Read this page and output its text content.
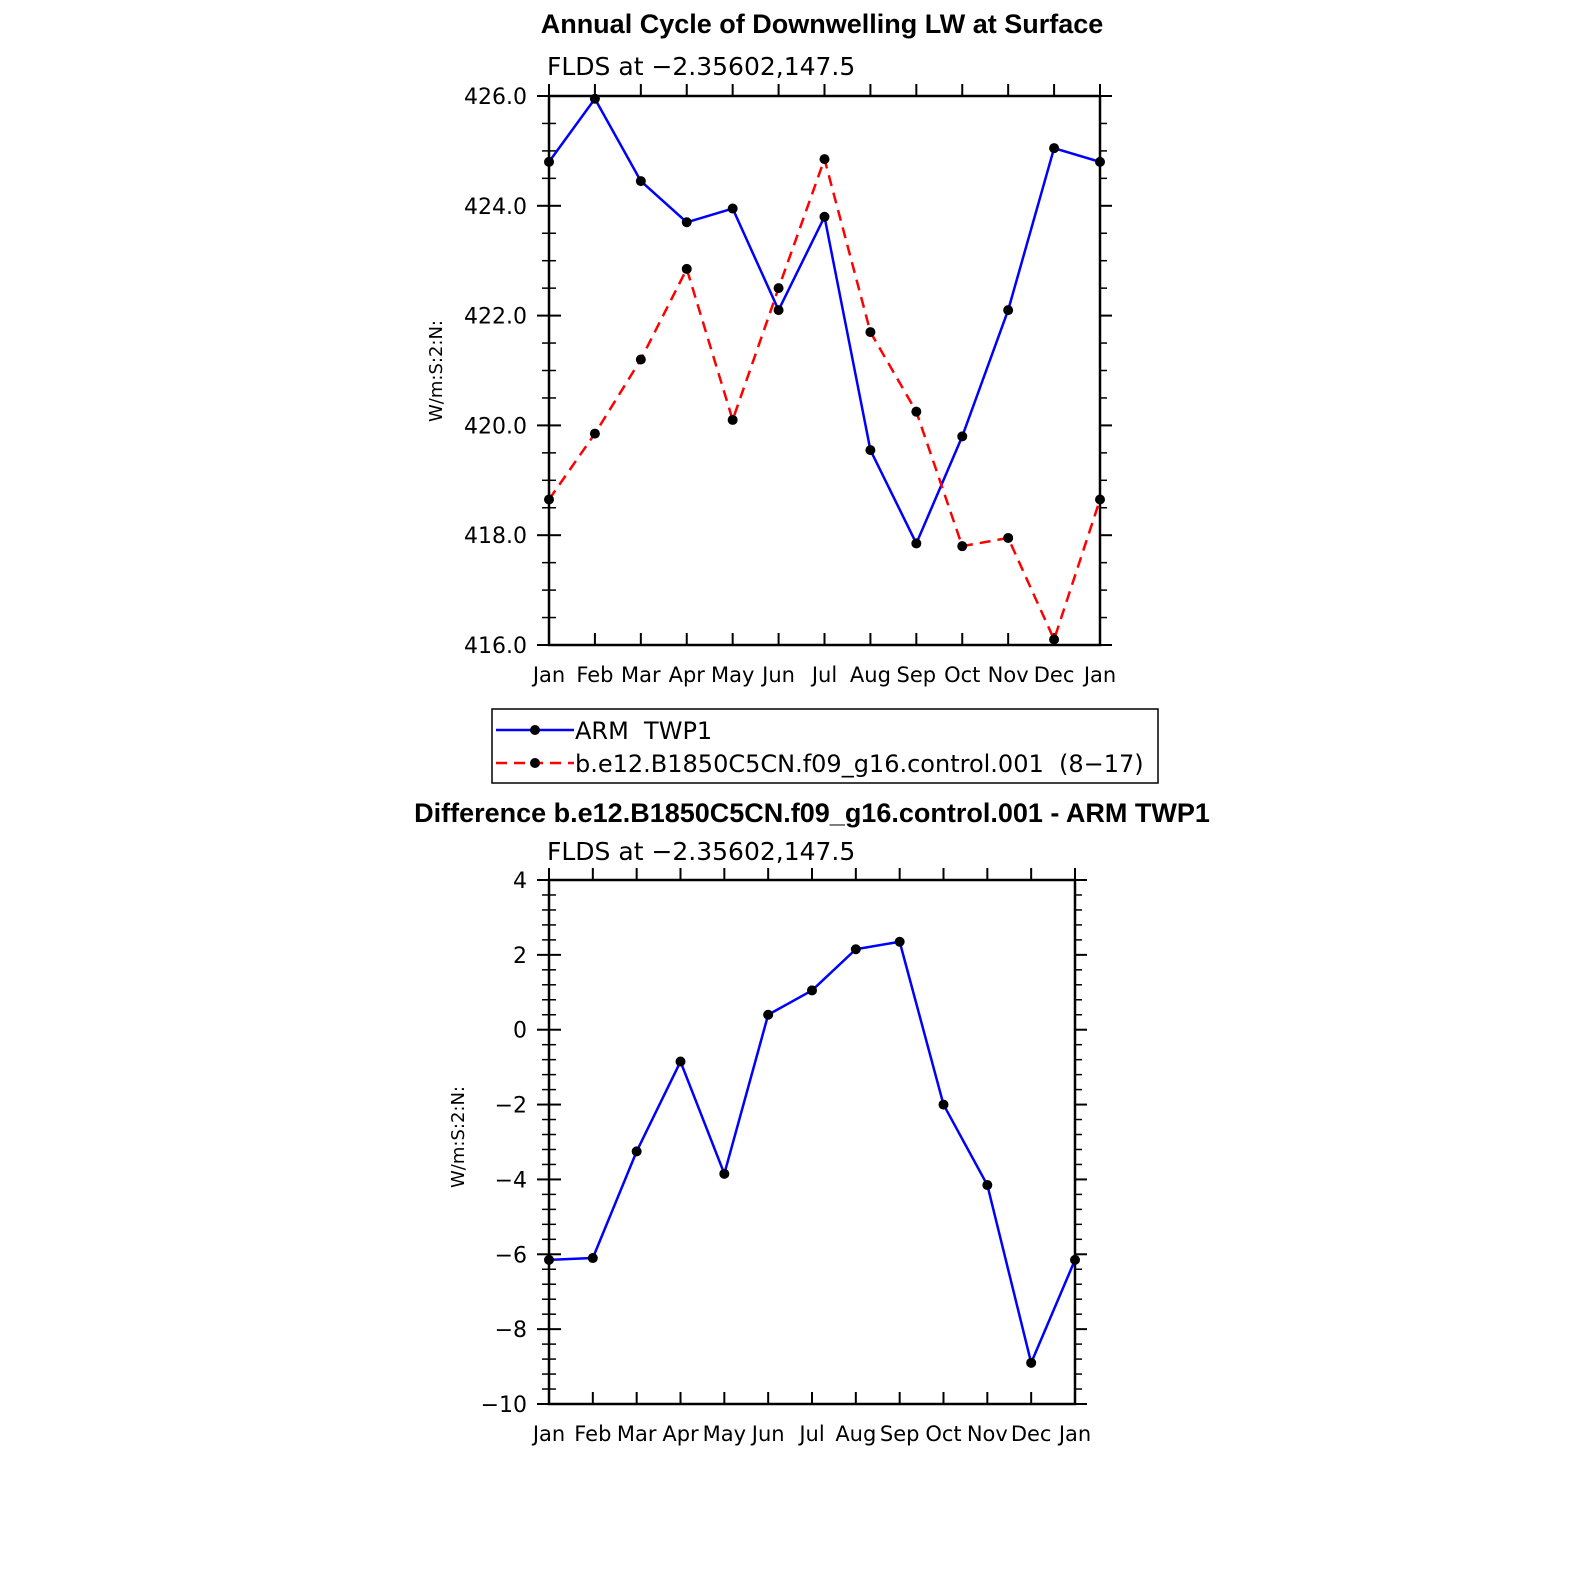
Annual Cycle of Downwelling LW at Surface
FLDS at −2.35602,147.5
W/m:S:2:N:
Jan Feb Mar Apr May Jun Jul Aug Sep Oct Nov Dec Jan
416.0
418.0
420.0
422.0
424.0
426.0
ARM  TWP1
b.e12.B1850C5CN.f09_g16.control.001  (8−17)
Difference b.e12.B1850C5CN.f09_g16.control.001 - ARM TWP1
FLDS at −2.35602,147.5
W/m:S:2:N:
Jan Feb Mar Apr May Jun Jul Aug Sep Oct Nov Dec Jan
−10
−8
−6
−4
−2
0
2
4
